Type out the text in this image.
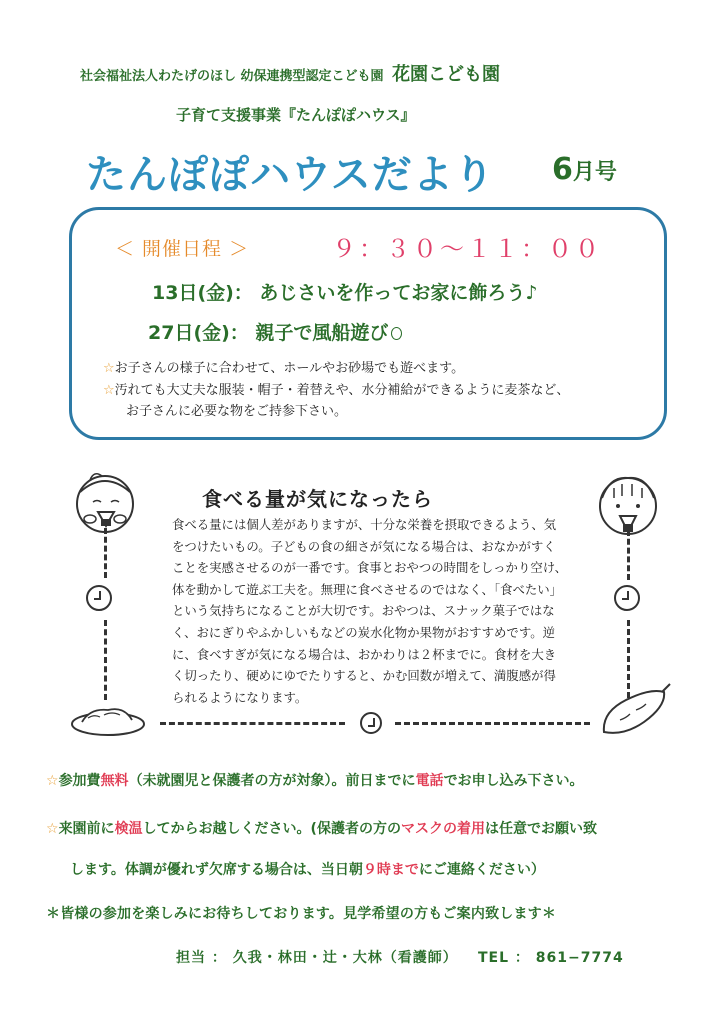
社会福祉法人わたげのほし 幼保連携型認定こども園 花園こども園
子育て支援事業『たんぽぽハウス』
たんぽぽハウスだより 6月号
＜ 開催日程 ＞	９：３０〜１１：００
13日(金)： あじさいを作ってお家に飾ろう♪
27日(金)： 親子で風船遊び
☆お子さんの様子に合わせて、ホールやお砂場でも遊べます。
☆汚れても大丈夫な服装・帽子・着替えや、水分補給ができるように麦茶など、
お子さんに必要な物をご持参下さい。
食べる量が気になったら
食べる量には個人差がありますが、十分な栄養を摂取できるよう、気をつけたいもの。子どもの食の細さが気になる場合は、おなかがすくことを実感させるのが一番です。食事とおやつの時間をしっかり空け、体を動かして遊ぶ工夫を。無理に食べさせるのではなく、「食べたい」という気持ちになることが大切です。おやつは、スナック菓子ではなく、おにぎりやふかしいもなどの炭水化物か果物がおすすめです。逆に、食べすぎが気になる場合は、おかわりは２杯までに。食材を大きく切ったり、硬めにゆでたりすると、かむ回数が増えて、満腹感が得られるようになります。
☆参加費無料（未就園児と保護者の方が対象）。前日までに電話でお申し込み下さい。
☆来園前に検温してからお越しください。(保護者の方のマスクの着用は任意でお願い致
します。体調が優れず欠席する場合は、当日朝９時までにご連絡ください）
＊皆様の参加を楽しみにお待ちしております。見学希望の方もご案内致します＊
担当 ： 久我・林田・辻・大林（看護師） TEL ： 861−7774
